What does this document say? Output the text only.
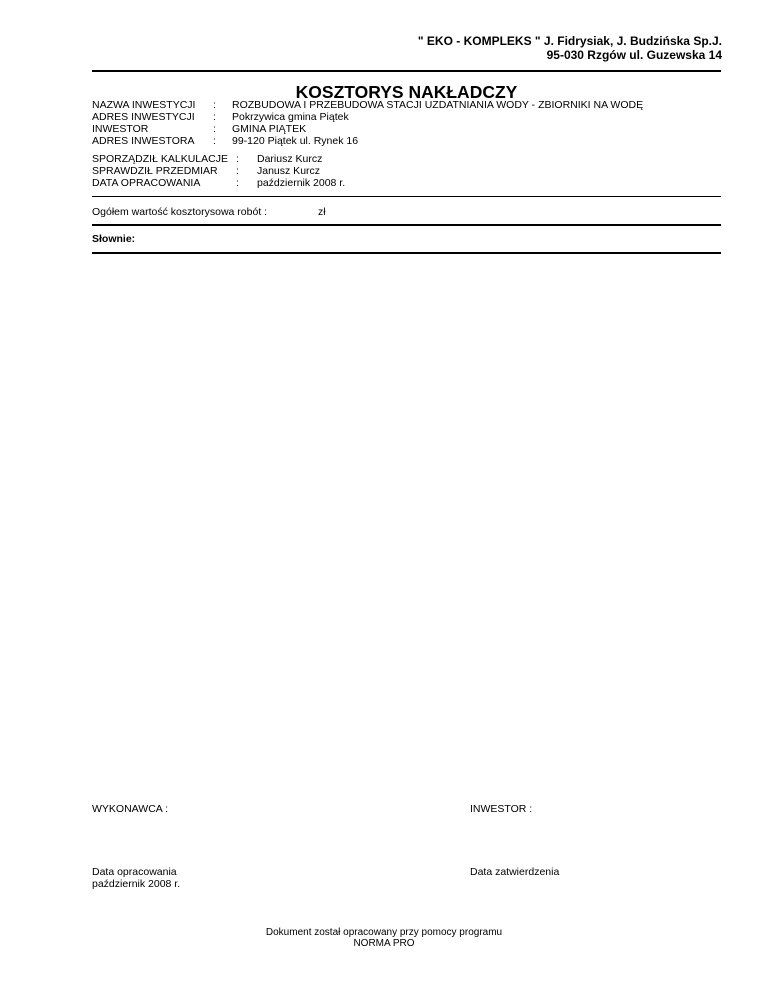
" EKO - KOMPLEKS " J. Fidrysiak, J. Budzińska Sp.J.
95-030 Rzgów ul. Guzewska 14
KOSZTORYS NAKŁADCZY
NAZWA INWESTYCJI : ROZBUDOWA I PRZEBUDOWA STACJI UZDATNIANIA WODY - ZBIORNIKI NA WODĘ
ADRES INWESTYCJI : Pokrzywica gmina Piątek
INWESTOR	: GMINA PIĄTEK
ADRES INWESTORA : 99-120 Piątek ul. Rynek 16
SPORZĄDZIŁ KALKULACJE : Dariusz Kurcz
SPRAWDZIŁ PRZEDMIAR : Janusz Kurcz
DATA OPRACOWANIA	: październik 2008 r.
Ogółem wartość kosztorysowa robót :	zł
Słownie:
WYKONAWCA :	INWESTOR :
Data opracowania
październik 2008 r.
Data zatwierdzenia
Dokument został opracowany przy pomocy programu
NORMA PRO
